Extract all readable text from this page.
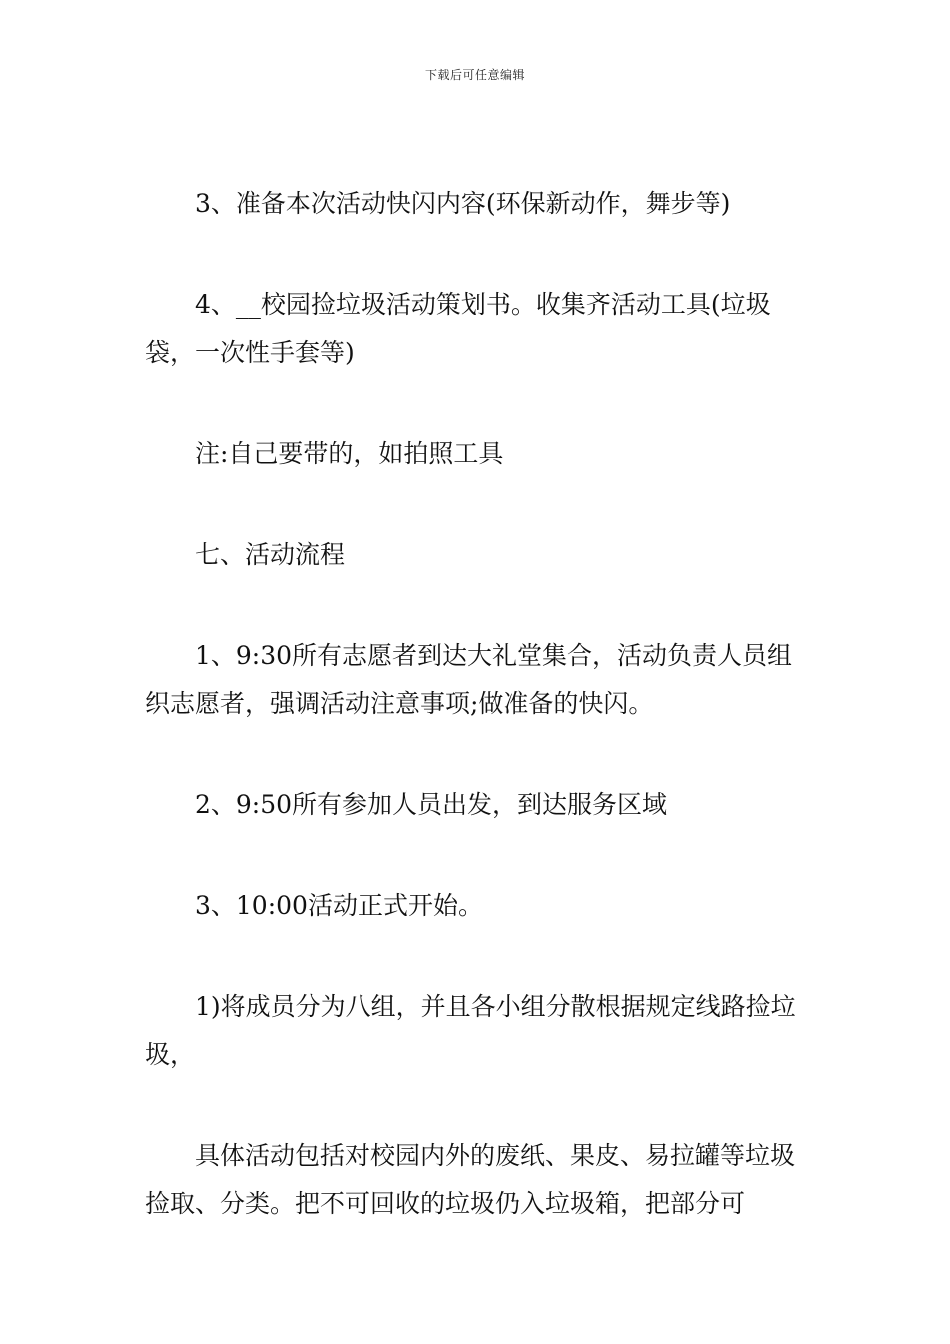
下载后可任意编辑

3、准备本次活动快闪内容(环保新动作，舞步等)

4、__校园捡垃圾活动策划书。收集齐活动工具(垃圾袋，一次性手套等)

注:自己要带的，如拍照工具

七、活动流程

1、9:30所有志愿者到达大礼堂集合，活动负责人员组织志愿者，强调活动注意事项;做准备的快闪。

2、9:50所有参加人员出发，到达服务区域

3、10:00活动正式开始。

1)将成员分为八组，并且各小组分散根据规定线路捡垃圾，

具体活动包括对校园内外的废纸、果皮、易拉罐等垃圾捡取、分类。把不可回收的垃圾仍入垃圾箱，把部分可
